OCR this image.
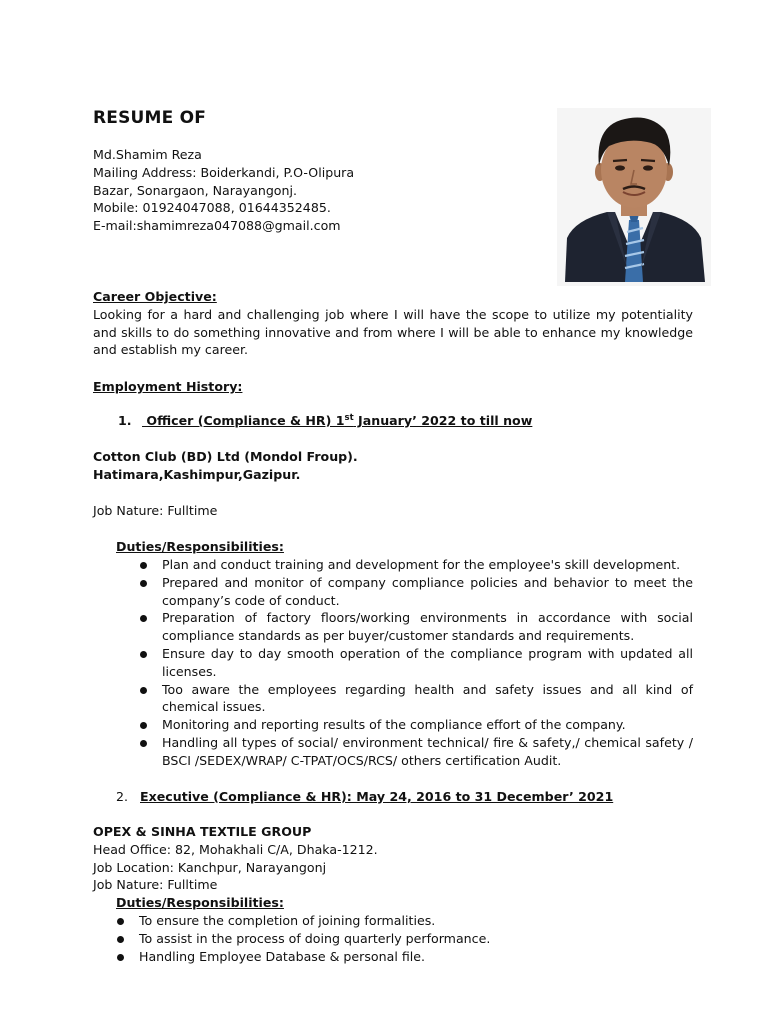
RESUME OF
Md.Shamim Reza
Mailing Address: Boiderkandi, P.O-Olipura
Bazar, Sonargaon, Narayangonj.
Mobile: 01924047088, 01644352485.
E-mail:shamimreza047088@gmail.com
Career Objective:
Looking for a hard and challenging job where I will have the scope to utilize my potentiality and skills to do something innovative and from where I will be able to enhance my knowledge and establish my career.
Employment History:
1. Officer (Compliance & HR) 1st January’ 2022 to till now
Cotton Club (BD) Ltd (Mondol Froup).
Hatimara,Kashimpur,Gazipur.
Job Nature: Fulltime
Duties/Responsibilities:
Plan and conduct training and development for the employee's skill development.
Prepared and monitor of company compliance policies and behavior to meet the company’s code of conduct.
Preparation of factory floors/working environments in accordance with social compliance standards as per buyer/customer standards and requirements.
Ensure day to day smooth operation of the compliance program with updated all licenses.
Too aware the employees regarding health and safety issues and all kind of chemical issues.
Monitoring and reporting results of the compliance effort of the company.
Handling all types of social/ environment technical/ fire & safety,/ chemical safety / BSCI /SEDEX/WRAP/ C-TPAT/OCS/RCS/ others certification Audit.
2. Executive (Compliance & HR): May 24, 2016 to 31 December’ 2021
OPEX & SINHA TEXTILE GROUP
Head Office: 82, Mohakhali C/A, Dhaka-1212.
Job Location: Kanchpur, Narayangonj
Job Nature: Fulltime
Duties/Responsibilities:
To ensure the completion of joining formalities.
To assist in the process of doing quarterly performance.
Handling Employee Database & personal file.
